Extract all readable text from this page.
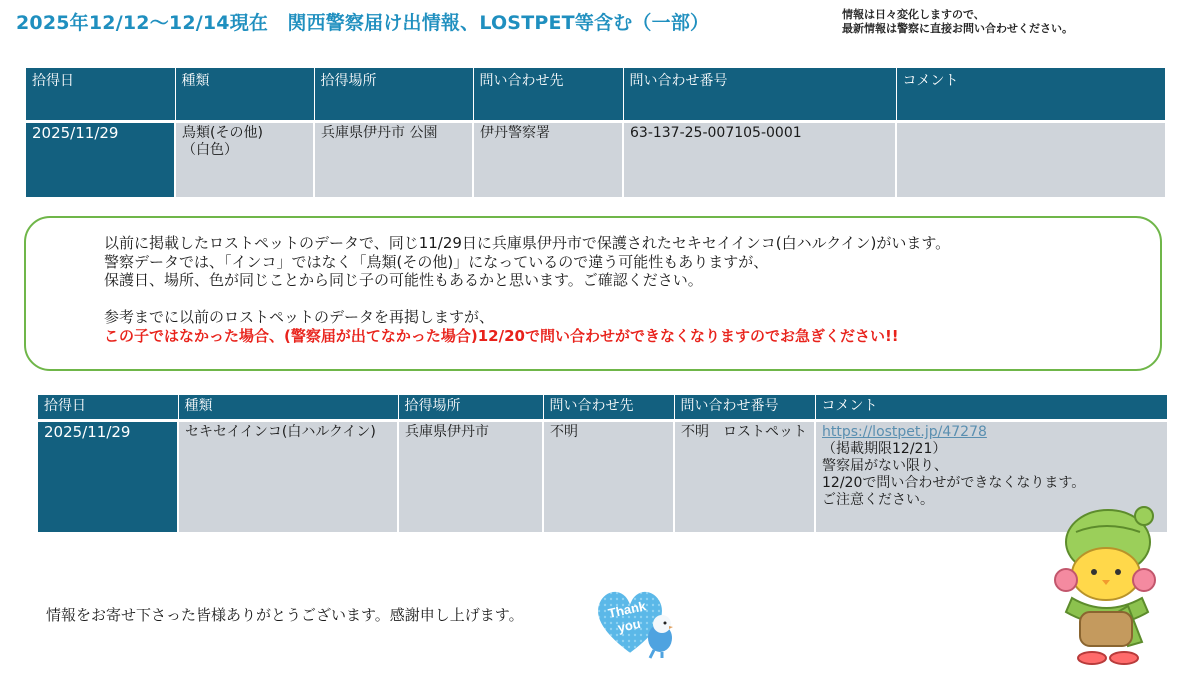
2025年12/12～12/14現在　関西警察届け出情報、LOSTPET等含む（一部）	情報は日々変化しますので、
最新情報は警察に直接お問い合わせください。
拾得日	種類	拾得場所	問い合わせ先	問い合わせ番号	コメント
2025/11/29	鳥類(その他)
（白色）	兵庫県伊丹市 公園	伊丹警察署	63-137-25-007105-0001	
以前に掲載したロストペットのデータで、同じ11/29日に兵庫県伊丹市で保護されたセキセイインコ(白ハルクイン)がいます。
警察データでは、「インコ」ではなく「鳥類(その他)」になっているので違う可能性もありますが、
保護日、場所、色が同じことから同じ子の可能性もあるかと思います。ご確認ください。

参考までに以前のロストペットのデータを再掲しますが、
この子ではなかった場合、(警察届が出てなかった場合)12/20で問い合わせができなくなりますのでお急ぎください!!
拾得日	種類	拾得場所	問い合わせ先	問い合わせ番号	コメント
2025/11/29	セキセイインコ(白ハルクイン)	兵庫県伊丹市	不明	不明　ロストペット	https://lostpet.jp/47278
（掲載期限12/21）
警察届がない限り、
12/20で問い合わせができなくなります。
ご注意ください。
情報をお寄せ下さった皆様ありがとうございます。感謝申し上げます。	Thank
you
